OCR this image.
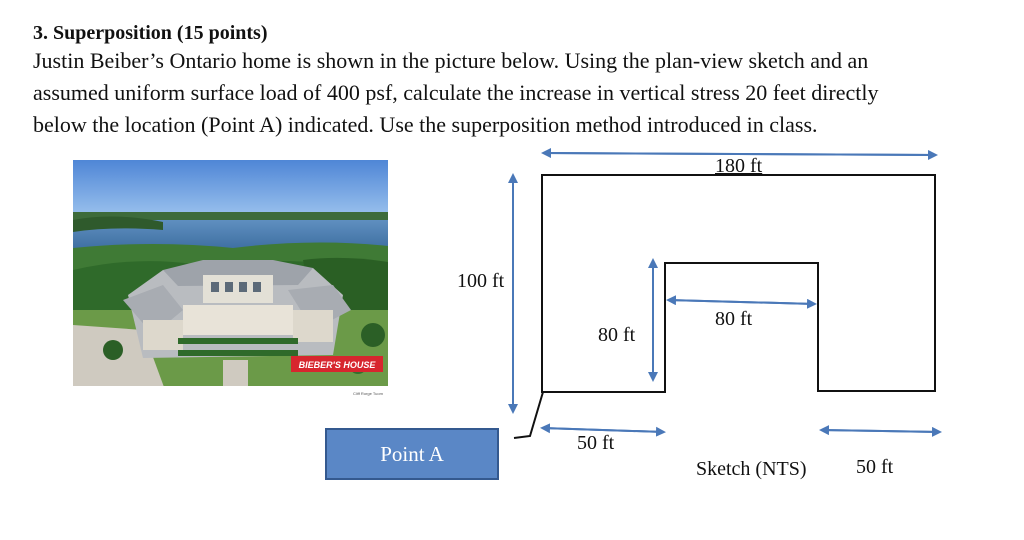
3. Superposition (15 points)
Justin Beiber’s Ontario home is shown in the picture below. Using the plan-view sketch and an
assumed uniform surface load of 400 psf, calculate the increase in vertical stress 20 feet directly
below the location (Point A) indicated. Use the superposition method introduced in class.
BIEBER'S HOUSE
Cliff Rorge Tuom
180 ft
100 ft
80 ft
80 ft
50 ft
50 ft
Sketch (NTS)
Point A
